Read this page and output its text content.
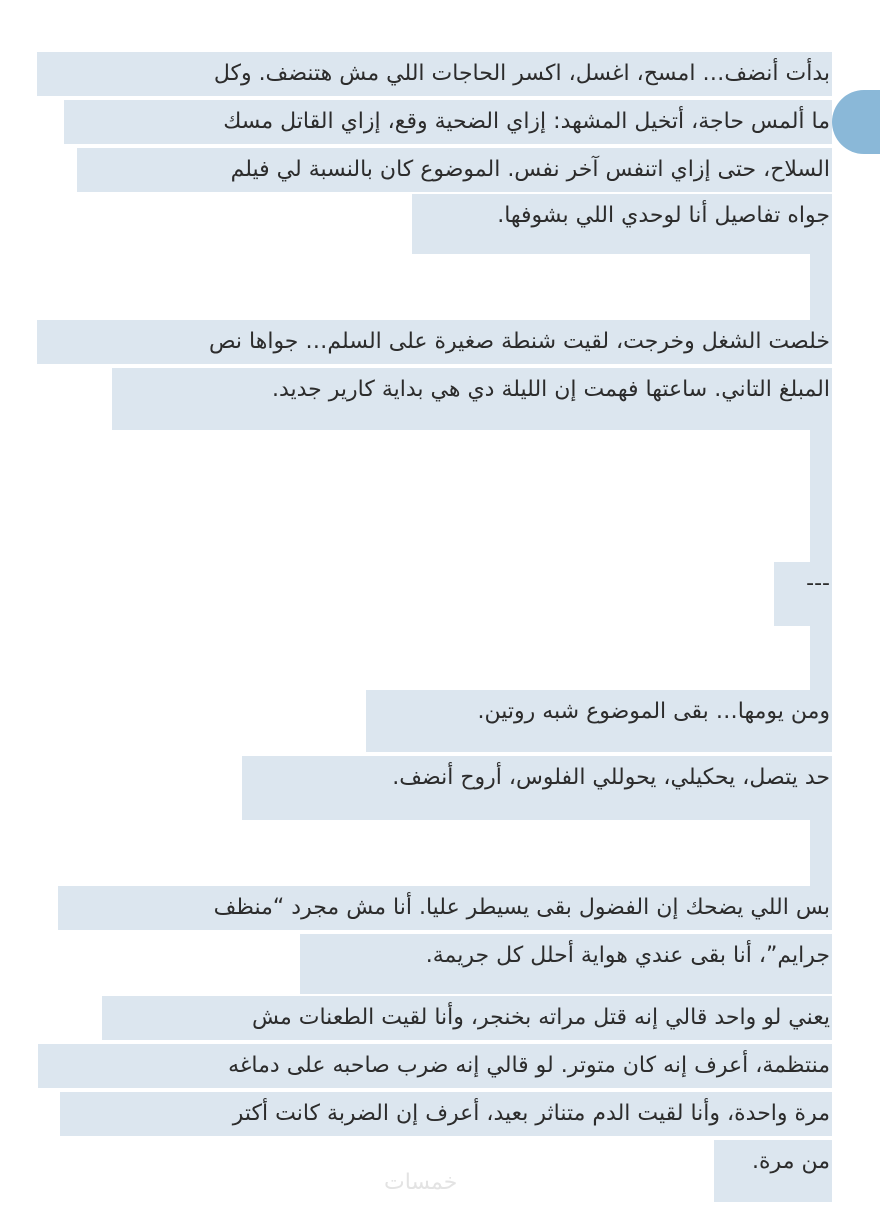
بدأت أنضف… امسح، اغسل، اكسر الحاجات اللي مش هتنضف. وكل
ما ألمس حاجة، أتخيل المشهد: إزاي الضحية وقع، إزاي القاتل مسك
السلاح، حتى إزاي اتنفس آخر نفس. الموضوع كان بالنسبة لي فيلم
جواه تفاصيل أنا لوحدي اللي بشوفها.
خلصت الشغل وخرجت، لقيت شنطة صغيرة على السلم… جواها نص
المبلغ التاني. ساعتها فهمت إن الليلة دي هي بداية كارير جديد.
---
ومن يومها… بقى الموضوع شبه روتين.
حد يتصل، يحكيلي، يحوللي الفلوس، أروح أنضف.
بس اللي يضحك إن الفضول بقى يسيطر عليا. أنا مش مجرد “منظف
جرايم”، أنا بقى عندي هواية أحلل كل جريمة.
يعني لو واحد قالي إنه قتل مراته بخنجر، وأنا لقيت الطعنات مش
منتظمة، أعرف إنه كان متوتر. لو قالي إنه ضرب صاحبه على دماغه
مرة واحدة، وأنا لقيت الدم متناثر بعيد، أعرف إن الضربة كانت أكتر
من مرة.
خمسات
